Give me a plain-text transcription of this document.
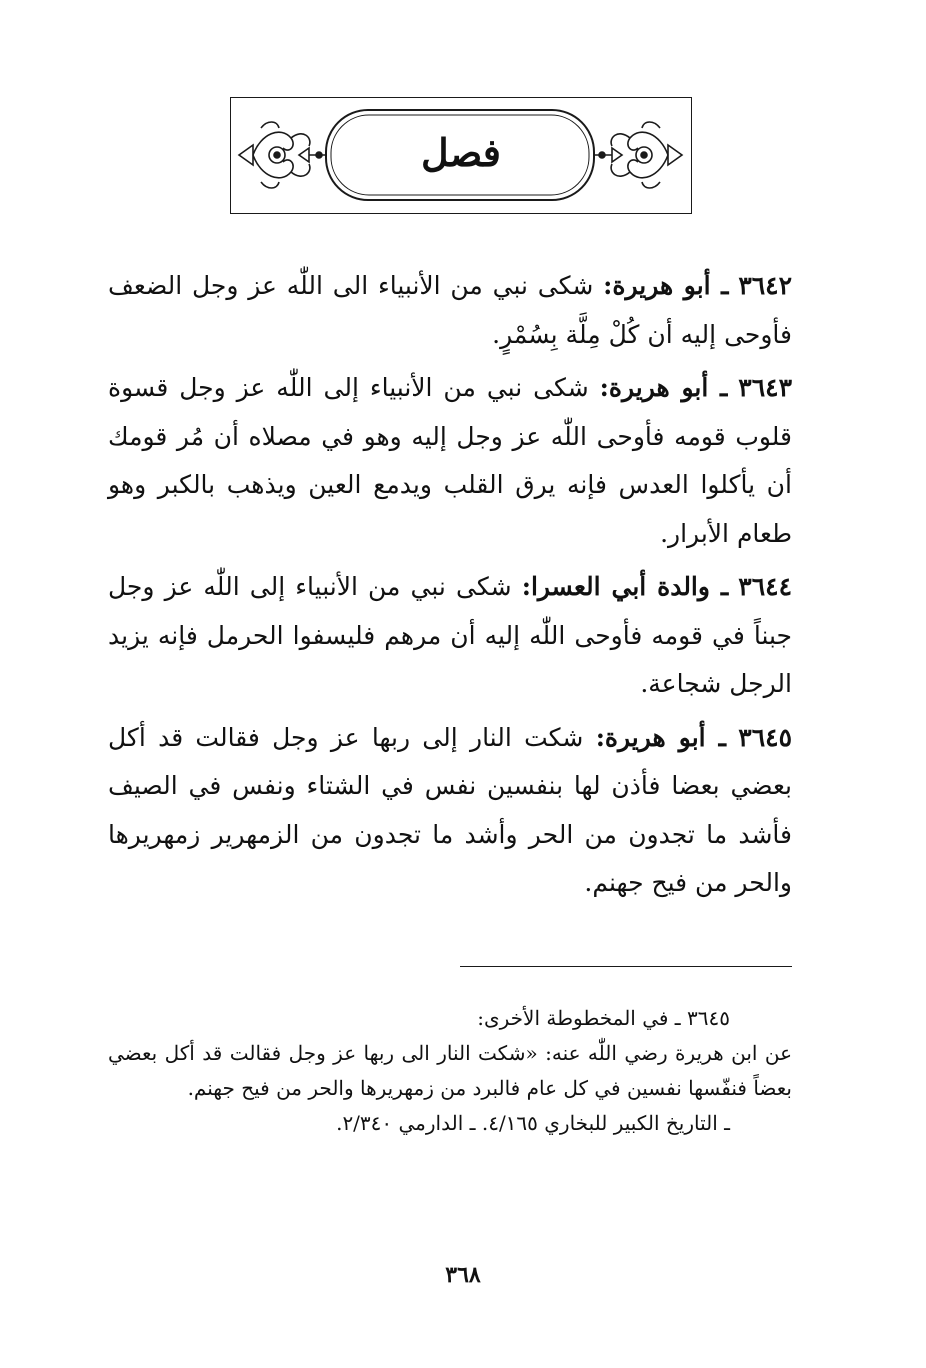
فصل

٣٦٤٢ ـ أبو هريرة: شكى نبي من الأنبياء الى اللّٰه عز وجل الضعف فأوحى إليه أن كُلْ مِلَّة بِسُمْرٍ.

٣٦٤٣ ـ أبو هريرة: شكى نبي من الأنبياء إلى اللّٰه عز وجل قسوة قلوب قومه فأوحى اللّٰه عز وجل إليه وهو في مصلاه أن مُر قومك أن يأكلوا العدس فإنه يرق القلب ويدمع العين ويذهب بالكبر وهو طعام الأبرار.

٣٦٤٤ ـ والدة أبي العسرا: شكى نبي من الأنبياء إلى اللّٰه عز وجل جبناً في قومه فأوحى اللّٰه إليه أن مرهم فليسفوا الحرمل فإنه يزيد الرجل شجاعة.

٣٦٤٥ ـ أبو هريرة: شكت النار إلى ربها عز وجل فقالت قد أكل بعضي بعضا فأذن لها بنفسين نفس في الشتاء ونفس في الصيف فأشد ما تجدون من الحر وأشد ما تجدون من الزمهرير زمهريرها والحر من فيح جهنم.

٣٦٤٥ ـ في المخطوطة الأخرى:

عن ابن هريرة رضي اللّٰه عنه: «شكت النار الى ربها عز وجل فقالت قد أكل بعضي بعضاً فنفّسها نفسين في كل عام فالبرد من زمهريرها والحر من فيح جهنم.

ـ التاريخ الكبير للبخاري ٤/١٦٥. ـ الدارمي ٢/٣٤٠.

٣٦٨
